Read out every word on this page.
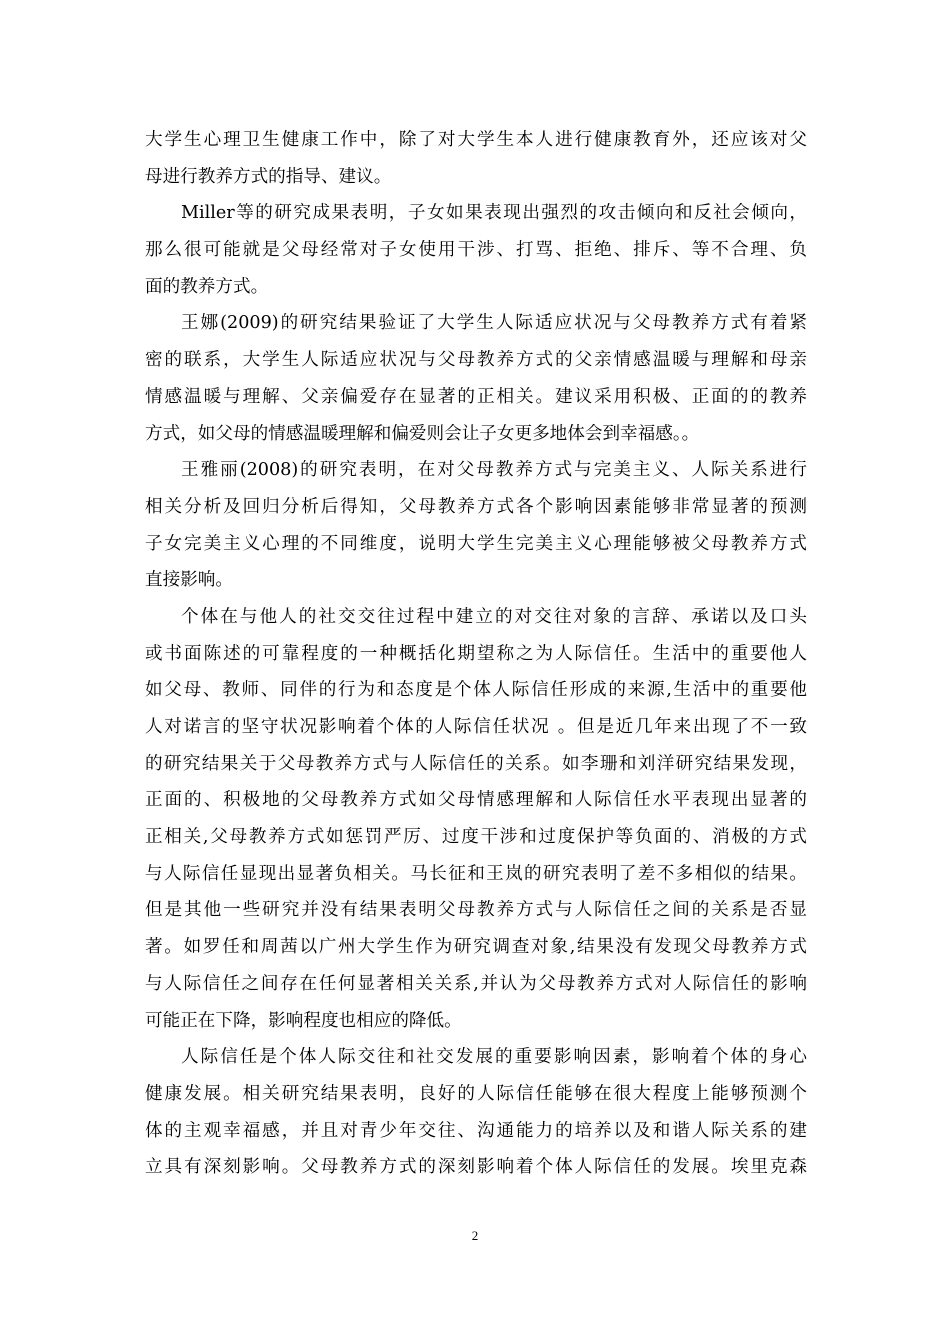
大学生心理卫生健康工作中，除了对大学生本人进行健康教育外，还应该对父
母进行教养方式的指导、建议。
Miller等的研究成果表明，子女如果表现出强烈的攻击倾向和反社会倾向，
那么很可能就是父母经常对子女使用干涉、打骂、拒绝、排斥、等不合理、负
面的教养方式。
王娜(2009)的研究结果验证了大学生人际适应状况与父母教养方式有着紧
密的联系，大学生人际适应状况与父母教养方式的父亲情感温暖与理解和母亲
情感温暖与理解、父亲偏爱存在显著的正相关。建议采用积极、正面的的教养
方式，如父母的情感温暖理解和偏爱则会让子女更多地体会到幸福感。。
王雅丽(2008)的研究表明，在对父母教养方式与完美主义、人际关系进行
相关分析及回归分析后得知，父母教养方式各个影响因素能够非常显著的预测
子女完美主义心理的不同维度，说明大学生完美主义心理能够被父母教养方式
直接影响。
个体在与他人的社交交往过程中建立的对交往对象的言辞、承诺以及口头
或书面陈述的可靠程度的一种概括化期望称之为人际信任。生活中的重要他人
如父母、教师、同伴的行为和态度是个体人际信任形成的来源,生活中的重要他
人对诺言的坚守状况影响着个体的人际信任状况 。但是近几年来出现了不一致
的研究结果关于父母教养方式与人际信任的关系。如李珊和刘洋研究结果发现，
正面的、积极地的父母教养方式如父母情感理解和人际信任水平表现出显著的
正相关,父母教养方式如惩罚严厉、过度干涉和过度保护等负面的、消极的方式
与人际信任显现出显著负相关。马长征和王岚的研究表明了差不多相似的结果。
但是其他一些研究并没有结果表明父母教养方式与人际信任之间的关系是否显
著。如罗任和周茜以广州大学生作为研究调查对象,结果没有发现父母教养方式
与人际信任之间存在任何显著相关关系,并认为父母教养方式对人际信任的影响
可能正在下降，影响程度也相应的降低。
人际信任是个体人际交往和社交发展的重要影响因素，影响着个体的身心
健康发展。相关研究结果表明，良好的人际信任能够在很大程度上能够预测个
体的主观幸福感，并且对青少年交往、沟通能力的培养以及和谐人际关系的建
立具有深刻影响。父母教养方式的深刻影响着个体人际信任的发展。埃里克森
2
